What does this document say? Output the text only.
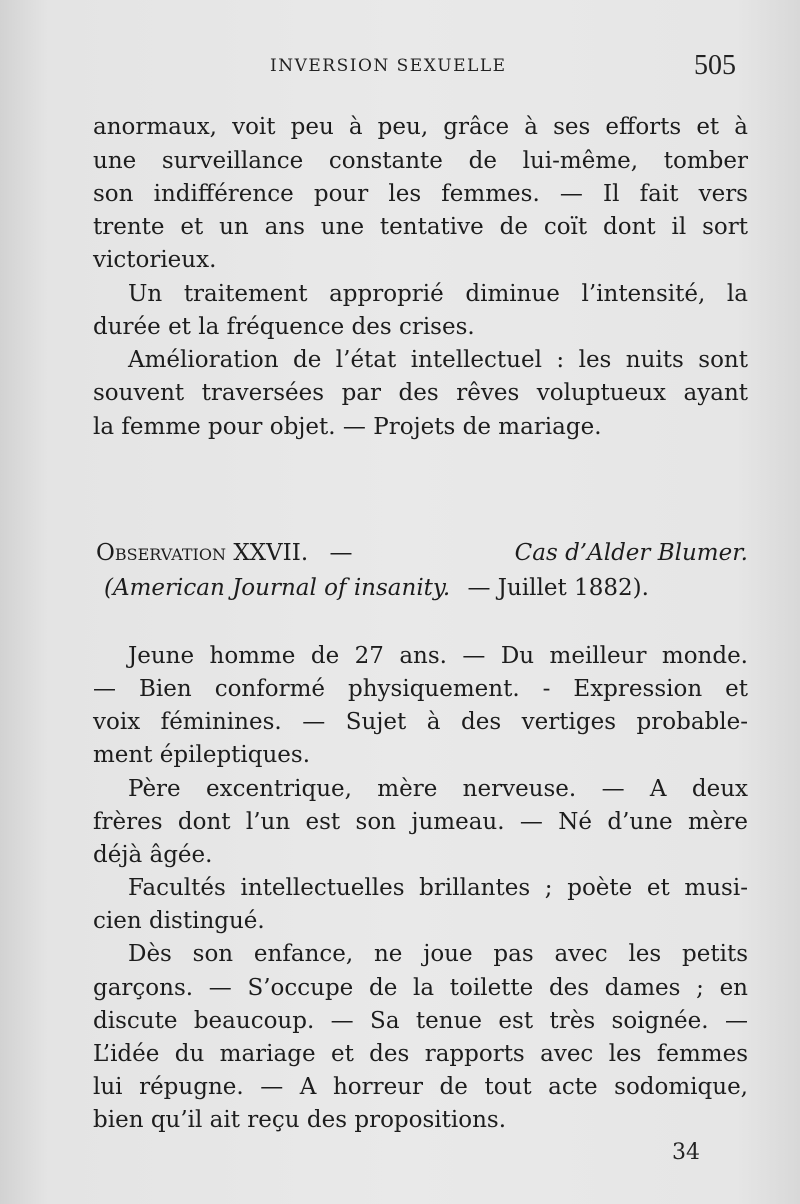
INVERSION SEXUELLE	505
anormaux, voit peu à peu, grâce à ses efforts et à
une surveillance constante de lui-même, tomber
son indifférence pour les femmes. — Il fait vers
trente et un ans une tentative de coït dont il sort
victorieux.
Un traitement approprié diminue l’intensité, la
durée et la fréquence des crises.
Amélioration de l’état intellectuel : les nuits sont
souvent traversées par des rêves voluptueux ayant
la femme pour objet. — Projets de mariage.
Observation XXVII. —	Cas d’Alder Blumer.
(American Journal of insanity. — Juillet 1882).
Jeune homme de 27 ans. — Du meilleur monde.
— Bien conformé physiquement. - Expression et
voix féminines. — Sujet à des vertiges probable-
ment épileptiques.
Père excentrique, mère nerveuse. — A deux
frères dont l’un est son jumeau. — Né d’une mère
déjà âgée.
Facultés intellectuelles brillantes ; poète et musi-
cien distingué.
Dès son enfance, ne joue pas avec les petits
garçons. — S’occupe de la toilette des dames ; en
discute beaucoup. — Sa tenue est très soignée. —
L’idée du mariage et des rapports avec les femmes
lui répugne. — A horreur de tout acte sodomique,
bien qu’il ait reçu des propositions.
34
